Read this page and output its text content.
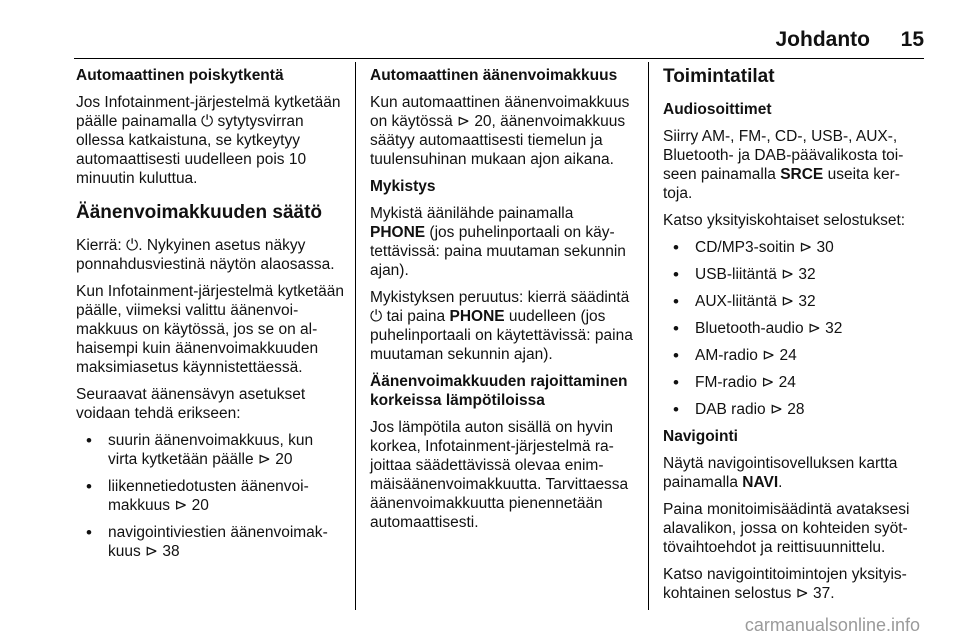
Johdanto 15

Automaattinen poiskytkentä

Jos Infotainment-järjestelmä kytketään päälle painamalla ⏻ sytytysvirran ollessa katkaistuna, se kytkeytyy automaattisesti uudelleen pois 10 minuutin kuluttua.

Äänenvoimakkuuden säätö

Kierrä: ⏻. Nykyinen asetus näkyy ponnahdusviestinä näytön alaosassa.

Kun Infotainment-järjestelmä kytketään päälle, viimeksi valittu äänenvoimakkuus on käytössä, jos se on alhaisempi kuin äänenvoimakkuuden maksimiasetus käynnistettäessä.

Seuraavat äänensävyn asetukset voidaan tehdä erikseen:

• suurin äänenvoimakkuus, kun virta kytketään päälle ⊳ 20
• liikennetiedotusten äänenvoimakkuus ⊳ 20
• navigointiviestien äänenvoimakkuus ⊳ 38

Automaattinen äänenvoimakkuus

Kun automaattinen äänenvoimakkuus on käytössä ⊳ 20, äänenvoimakkuus säätyy automaattisesti tiemelun ja tuulensuhinan mukaan ajon aikana.

Mykistys

Mykistä äänilähde painamalla
PHONE (jos puhelinportaali on käytettävissä: paina muutaman sekunnin ajan).

Mykistyksen peruutus: kierrä säädintä ⏻ tai paina PHONE uudelleen (jos puhelinportaali on käytettävissä: paina muutaman sekunnin ajan).

Äänenvoimakkuuden rajoittaminen korkeissa lämpötiloissa

Jos lämpötila auton sisällä on hyvin korkea, Infotainment-järjestelmä rajoittaa säädettävissä olevaa enimmäisäänenvoimakkuutta. Tarvittaessa äänenvoimakkuutta pienennetään automaattisesti.

Toimintatilat

Audiosoittimet

Siirry AM-, FM-, CD-, USB-, AUX-, Bluetooth- ja DAB-päävalikosta toiseen painamalla SRCE useita kertoja.

Katso yksityiskohtaiset selostukset:

• CD/MP3-soitin ⊳ 30
• USB-liitäntä ⊳ 32
• AUX-liitäntä ⊳ 32
• Bluetooth-audio ⊳ 32
• AM-radio ⊳ 24
• FM-radio ⊳ 24
• DAB radio ⊳ 28

Navigointi

Näytä navigointisovelluksen kartta painamalla NAVI.

Paina monitoimisäädintä avataksesi alavalikon, jossa on kohteiden syöttövaihtoehdot ja reittisuunnittelu.

Katso navigointitoimintojen yksityiskohtainen selostus ⊳ 37.

carmanualsonline.info
